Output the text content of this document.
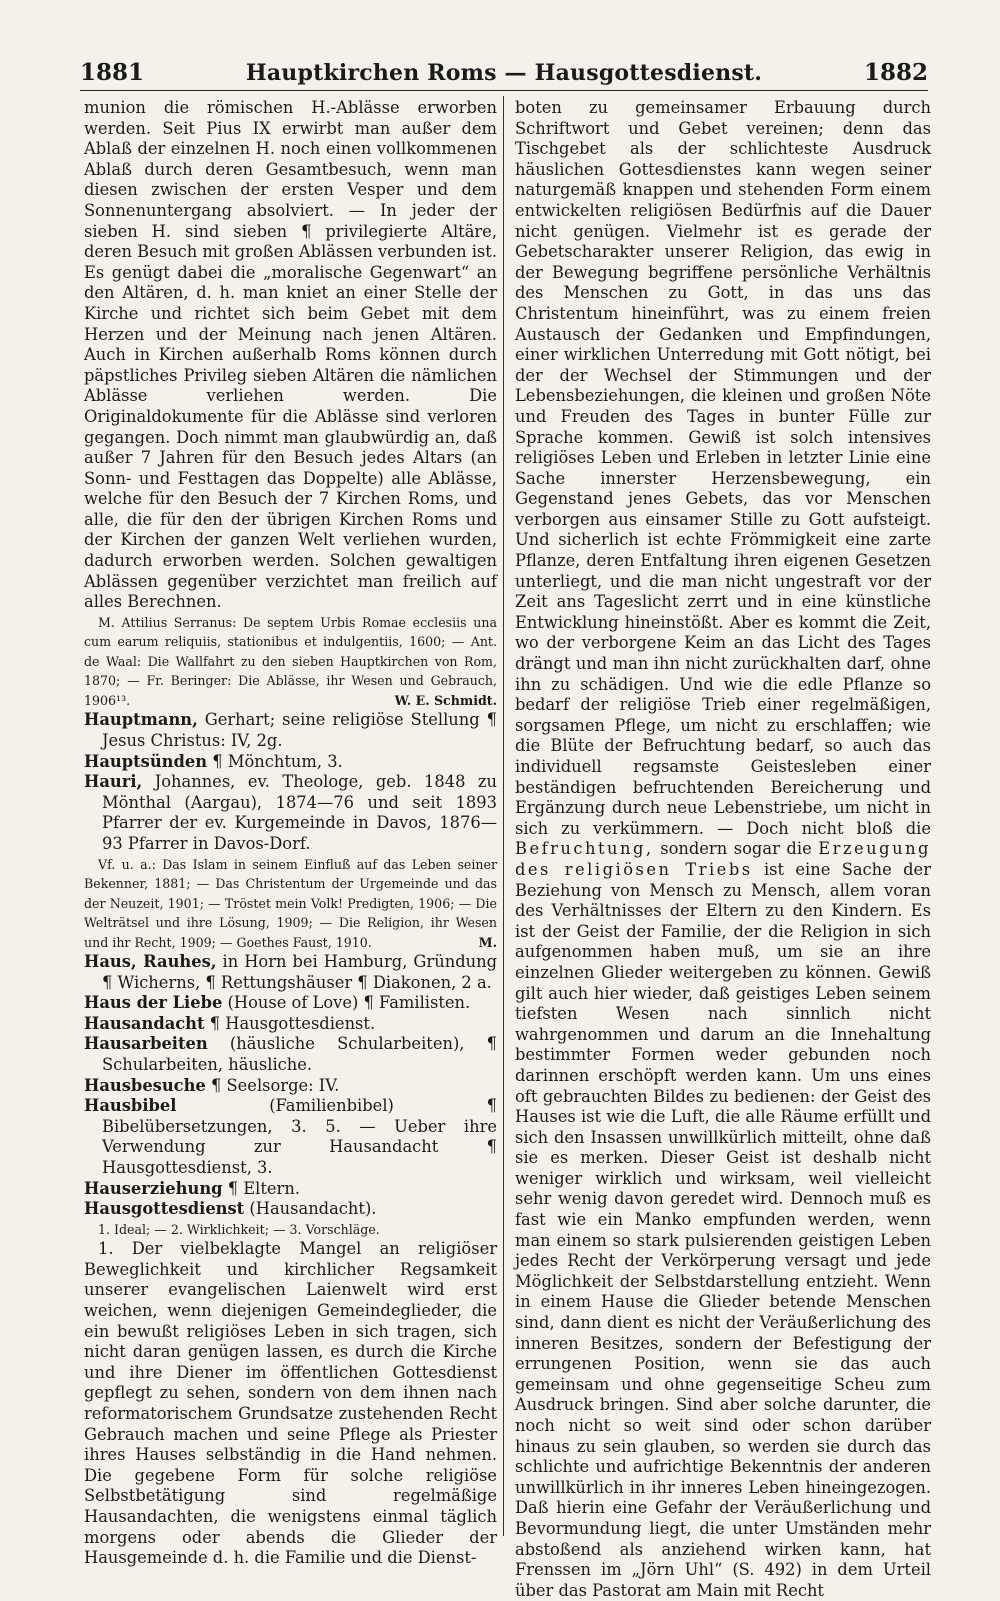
1881	Hauptkirchen Roms — Hausgottesdienst.	1882

munion die römischen H.-Ablässe erworben werden. Seit Pius IX erwirbt man außer dem Ablaß der einzelnen H. noch einen vollkommenen Ablaß durch deren Gesamtbesuch, wenn man diesen zwischen der ersten Vesper und dem Sonnenuntergang absolviert. — In jeder der sieben H. sind sieben ¶ privilegierte Altäre, deren Besuch mit großen Ablässen verbunden ist. Es genügt dabei die „moralische Gegenwart“ an den Altären, d. h. man kniet an einer Stelle der Kirche und richtet sich beim Gebet mit dem Herzen und der Meinung nach jenen Altären. Auch in Kirchen außerhalb Roms können durch päpstliches Privileg sieben Altären die nämlichen Ablässe verliehen werden. Die Originaldokumente für die Ablässe sind verloren gegangen. Doch nimmt man glaubwürdig an, daß außer 7 Jahren für den Besuch jedes Altars (an Sonn- und Festtagen das Doppelte) alle Ablässe, welche für den Besuch der 7 Kirchen Roms, und alle, die für den der übrigen Kirchen Roms und der Kirchen der ganzen Welt verliehen wurden, dadurch erworben werden. Solchen gewaltigen Ablässen gegenüber verzichtet man freilich auf alles Berechnen.

M. Attilius Serranus: De septem Urbis Romae ecclesiis una cum earum reliquiis, stationibus et indulgentiis, 1600; — Ant. de Waal: Die Wallfahrt zu den sieben Hauptkirchen von Rom, 1870; — Fr. Beringer: Die Ablässe, ihr Wesen und Gebrauch, 1906¹³.	W. E. Schmidt.

Hauptmann, Gerhart; seine religiöse Stellung ¶ Jesus Christus: IV, 2g.

Hauptsünden ¶ Mönchtum, 3.

Hauri, Johannes, ev. Theologe, geb. 1848 zu Mönthal (Aargau), 1874—76 und seit 1893 Pfarrer der ev. Kurgemeinde in Davos, 1876—93 Pfarrer in Davos-Dorf.

Vf. u. a.: Das Islam in seinem Einfluß auf das Leben seiner Bekenner, 1881; — Das Christentum der Urgemeinde und das der Neuzeit, 1901; — Tröstet mein Volk! Predigten, 1906; — Die Welträtsel und ihre Lösung, 1909; — Die Religion, ihr Wesen und ihr Recht, 1909; — Goethes Faust, 1910.	M.

Haus, Rauhes, in Horn bei Hamburg, Gründung ¶ Wicherns, ¶ Rettungshäuser ¶ Diakonen, 2 a.

Haus der Liebe (House of Love) ¶ Familisten.

Hausandacht ¶ Hausgottesdienst.

Hausarbeiten (häusliche Schularbeiten), ¶ Schularbeiten, häusliche.

Hausbesuche ¶ Seelsorge: IV.

Hausbibel	(Familienbibel) ¶ Bibelübersetzungen, 3. 5. — Ueber ihre Verwendung zur Hausandacht ¶ Hausgottesdienst, 3.

Hauserziehung ¶ Eltern.

Hausgottesdienst (Hausandacht).

1. Ideal; — 2. Wirklichkeit; — 3. Vorschläge.

1. Der vielbeklagte Mangel an religiöser Beweglichkeit und kirchlicher Regsamkeit unserer evangelischen Laienwelt wird erst weichen, wenn diejenigen Gemeindeglieder, die ein bewußt religiöses Leben in sich tragen, sich nicht daran genügen lassen, es durch die Kirche und ihre Diener im öffentlichen Gottesdienst gepflegt zu sehen, sondern von dem ihnen nach reformatorischem Grundsatze zustehenden Recht Gebrauch machen und seine Pflege als Priester ihres Hauses selbständig in die Hand nehmen. Die gegebene Form für solche religiöse Selbstbetätigung sind regelmäßige Hausandachten, die wenigstens einmal täglich morgens oder abends die Glieder der Hausgemeinde d. h. die Familie und die Dienst-

boten zu gemeinsamer Erbauung durch Schriftwort und Gebet vereinen; denn das Tischgebet als der schlichteste Ausdruck häuslichen Gottesdienstes kann wegen seiner naturgemäß knappen und stehenden Form einem entwickelten religiösen Bedürfnis auf die Dauer nicht genügen. Vielmehr ist es gerade der Gebetscharakter unserer Religion, das ewig in der Bewegung begriffene persönliche Verhältnis des Menschen zu Gott, in das uns das Christentum hineinführt, was zu einem freien Austausch der Gedanken und Empfindungen, einer wirklichen Unterredung mit Gott nötigt, bei der der Wechsel der Stimmungen und der Lebensbeziehungen, die kleinen und großen Nöte und Freuden des Tages in bunter Fülle zur Sprache kommen. Gewiß ist solch intensives religiöses Leben und Erleben in letzter Linie eine Sache innerster Herzensbewegung, ein Gegenstand jenes Gebets, das vor Menschen verborgen aus einsamer Stille zu Gott aufsteigt. Und sicherlich ist echte Frömmigkeit eine zarte Pflanze, deren Entfaltung ihren eigenen Gesetzen unterliegt, und die man nicht ungestraft vor der Zeit ans Tageslicht zerrt und in eine künstliche Entwicklung hineinstößt. Aber es kommt die Zeit, wo der verborgene Keim an das Licht des Tages drängt und man ihn nicht zurückhalten darf, ohne ihn zu schädigen. Und wie die edle Pflanze so bedarf der religiöse Trieb einer regelmäßigen, sorgsamen Pflege, um nicht zu erschlaffen; wie die Blüte der Befruchtung bedarf, so auch das individuell regsamste Geistesleben einer beständigen befruchtenden Bereicherung und Ergänzung durch neue Lebenstriebe, um nicht in sich zu verkümmern. — Doch nicht bloß die Befruchtung, sondern sogar die Erzeugung des religiösen Triebs ist eine Sache der Beziehung von Mensch zu Mensch, allem voran des Verhältnisses der Eltern zu den Kindern. Es ist der Geist der Familie, der die Religion in sich aufgenommen haben muß, um sie an ihre einzelnen Glieder weitergeben zu können. Gewiß gilt auch hier wieder, daß geistiges Leben seinem tiefsten Wesen nach sinnlich nicht wahrgenommen und darum an die Innehaltung bestimmter Formen weder gebunden noch darinnen erschöpft werden kann. Um uns eines oft gebrauchten Bildes zu bedienen: der Geist des Hauses ist wie die Luft, die alle Räume erfüllt und sich den Insassen unwillkürlich mitteilt, ohne daß sie es merken. Dieser Geist ist deshalb nicht weniger wirklich und wirksam, weil vielleicht sehr wenig davon geredet wird. Dennoch muß es fast wie ein Manko empfunden werden, wenn man einem so stark pulsierenden geistigen Leben jedes Recht der Verkörperung versagt und jede Möglichkeit der Selbstdarstellung entzieht. Wenn in einem Hause die Glieder betende Menschen sind, dann dient es nicht der Veräußerlichung des inneren Besitzes, sondern der Befestigung der errungenen Position, wenn sie das auch gemeinsam und ohne gegenseitige Scheu zum Ausdruck bringen. Sind aber solche darunter, die noch nicht so weit sind oder schon darüber hinaus zu sein glauben, so werden sie durch das schlichte und aufrichtige Bekenntnis der anderen unwillkürlich in ihr inneres Leben hineingezogen. Daß hierin eine Gefahr der Veräußerlichung und Bevormundung liegt, die unter Umständen mehr abstoßend als anziehend wirken kann, hat Frenssen im „Jörn Uhl“ (S. 492) in dem Urteil über das Pastorat am Main mit Recht
